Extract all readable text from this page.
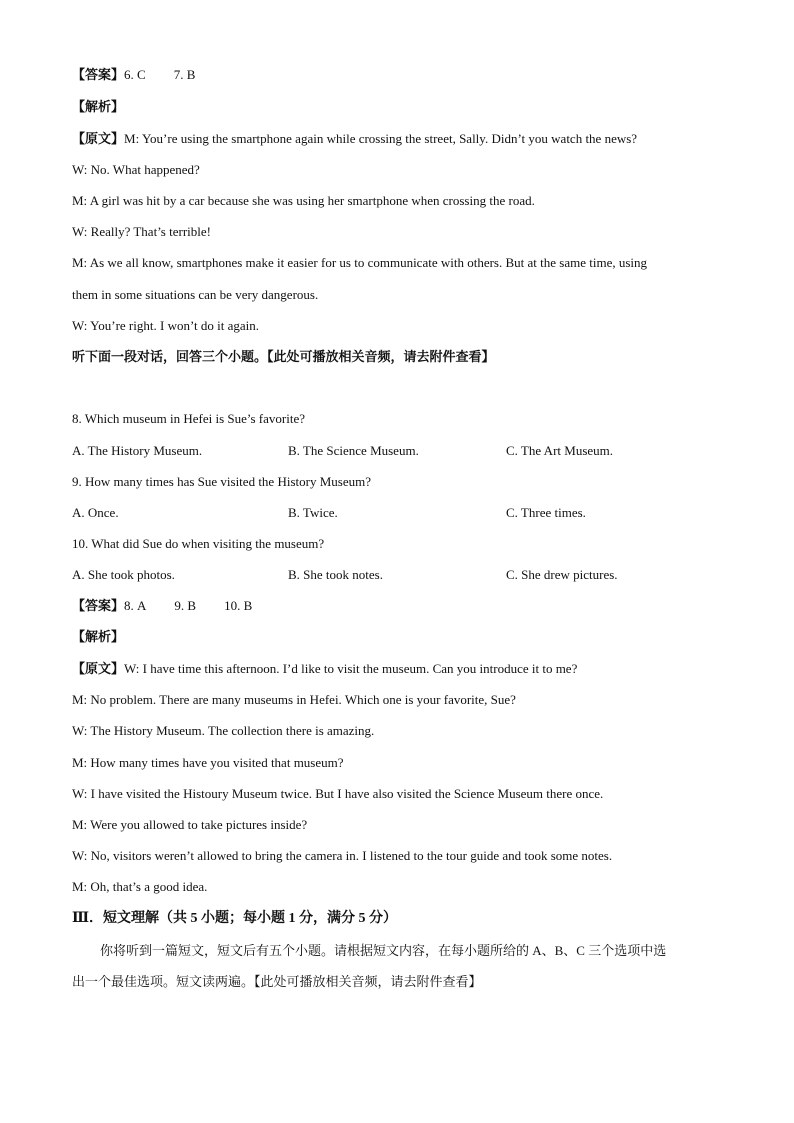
【答案】6. C 7. B
【解析】
【原文】M: You’re using the smartphone again while crossing the street, Sally. Didn’t you watch the news?
W: No. What happened?
M: A girl was hit by a car because she was using her smartphone when crossing the road.
W: Really? That’s terrible!
M: As we all know, smartphones make it easier for us to communicate with others. But at the same time, using
them in some situations can be very dangerous.
W: You’re right. I won’t do it again.
听下面一段对话，回答三个小题。【此处可播放相关音频，请去附件查看】
8. Which museum in Hefei is Sue’s favorite?
A. The History Museum.	B. The Science Museum.	C. The Art Museum.
9. How many times has Sue visited the History Museum?
A. Once.	B. Twice.	C. Three times.
10. What did Sue do when visiting the museum?
A. She took photos.	B. She took notes.	C. She drew pictures.
【答案】8. A 9. B 10. B
【解析】
【原文】W: I have time this afternoon. I’d like to visit the museum. Can you introduce it to me?
M: No problem. There are many museums in Hefei. Which one is your favorite, Sue?
W: The History Museum. The collection there is amazing.
M: How many times have you visited that museum?
W: I have visited the Histoury Museum twice. But I have also visited the Science Museum there once.
M: Were you allowed to take pictures inside?
W: No, visitors weren’t allowed to bring the camera in. I listened to the tour guide and took some notes.
M: Oh, that’s a good idea.
Ⅲ．短文理解（共 5 小题；每小题 1 分，满分 5 分）
你将听到一篇短文，短文后有五个小题。请根据短文内容，在每小题所给的 A、B、C 三个选项中选
出一个最佳选项。短文读两遍。【此处可播放相关音频，请去附件查看】
